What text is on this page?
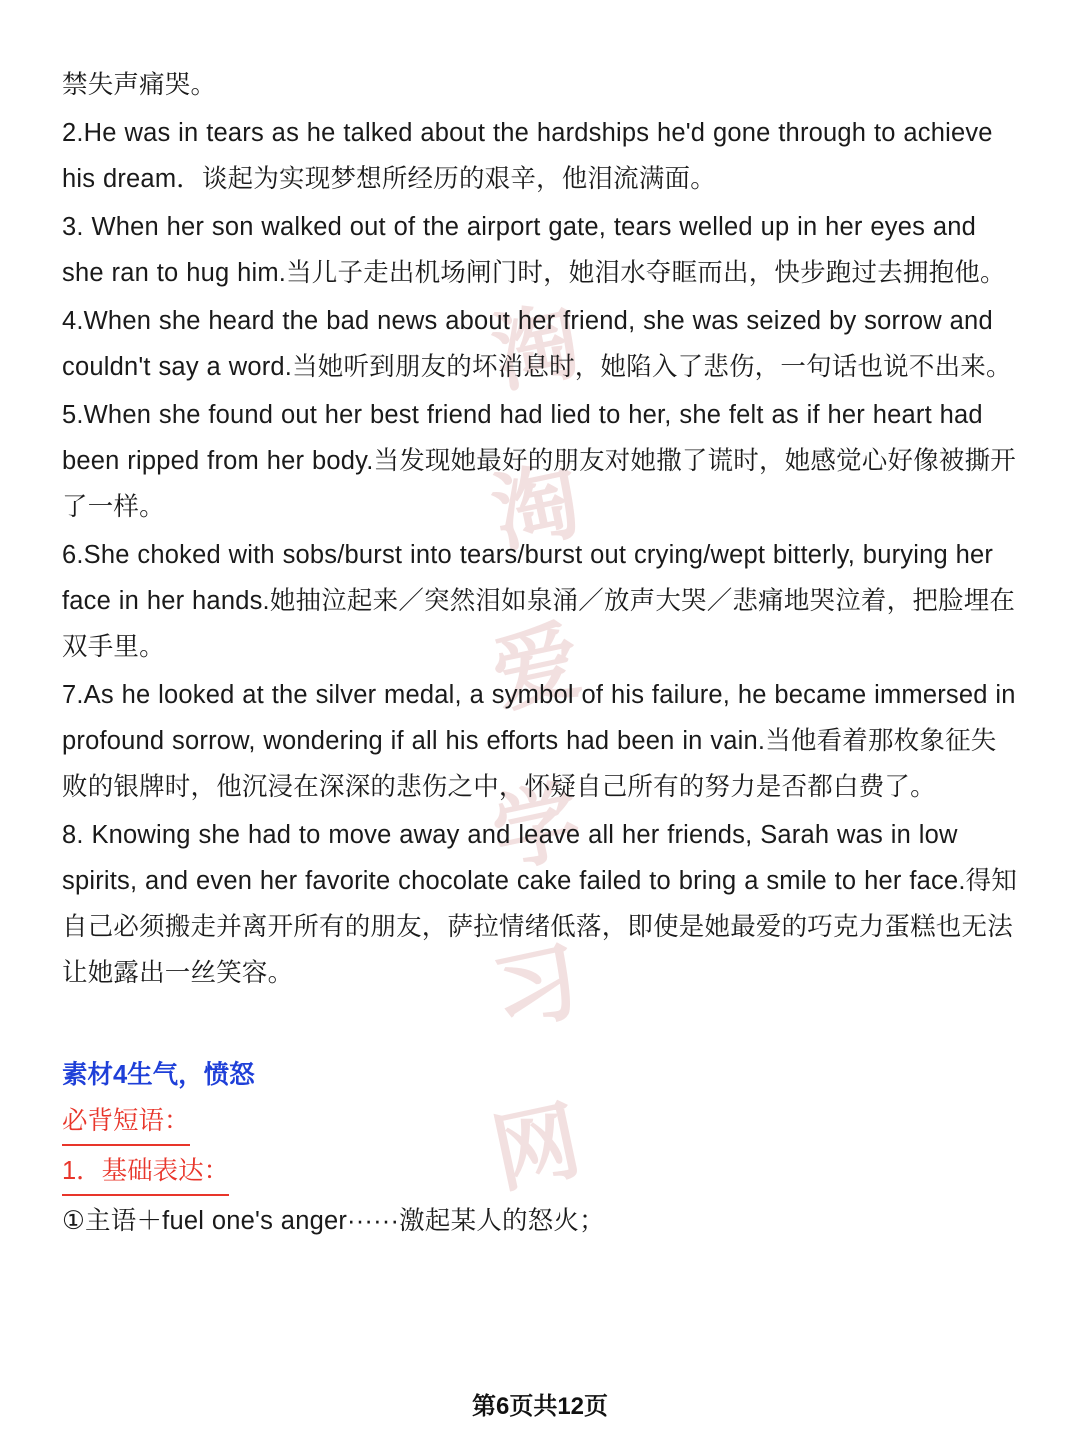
淘
淘
爱
学
习
网

禁失声痛哭。

2.He was in tears as he talked about the hardships he'd gone through to achieve his dream．谈起为实现梦想所经历的艰辛，他泪流满面。

3. When her son walked out of the airport gate, tears welled up in her eyes and she ran to hug him.当儿子走出机场闸门时，她泪水夺眶而出，快步跑过去拥抱他。

4.When she heard the bad news about her friend, she was seized by sorrow and couldn't say a word.当她听到朋友的坏消息时，她陷入了悲伤，一句话也说不出来。

5.When she found out her best friend had lied to her, she felt as if her heart had been ripped from her body.当发现她最好的朋友对她撒了谎时，她感觉心好像被撕开了一样。

6.She choked with sobs/burst into tears/burst out crying/wept bitterly, burying her face in her hands.她抽泣起来／突然泪如泉涌／放声大哭／悲痛地哭泣着，把脸埋在双手里。

7.As he looked at the silver medal, a symbol of his failure, he became immersed in profound sorrow, wondering if all his efforts had been in vain.当他看着那枚象征失败的银牌时，他沉浸在深深的悲伤之中，怀疑自己所有的努力是否都白费了。

8. Knowing she had to move away and leave all her friends, Sarah was in low spirits, and even her favorite chocolate cake failed to bring a smile to her face.得知自己必须搬走并离开所有的朋友，萨拉情绪低落，即使是她最爱的巧克力蛋糕也无法让她露出一丝笑容。

素材4生气，愤怒

必背短语：

1．基础表达：

①主语＋fuel one's anger······激起某人的怒火；

第6页共12页
